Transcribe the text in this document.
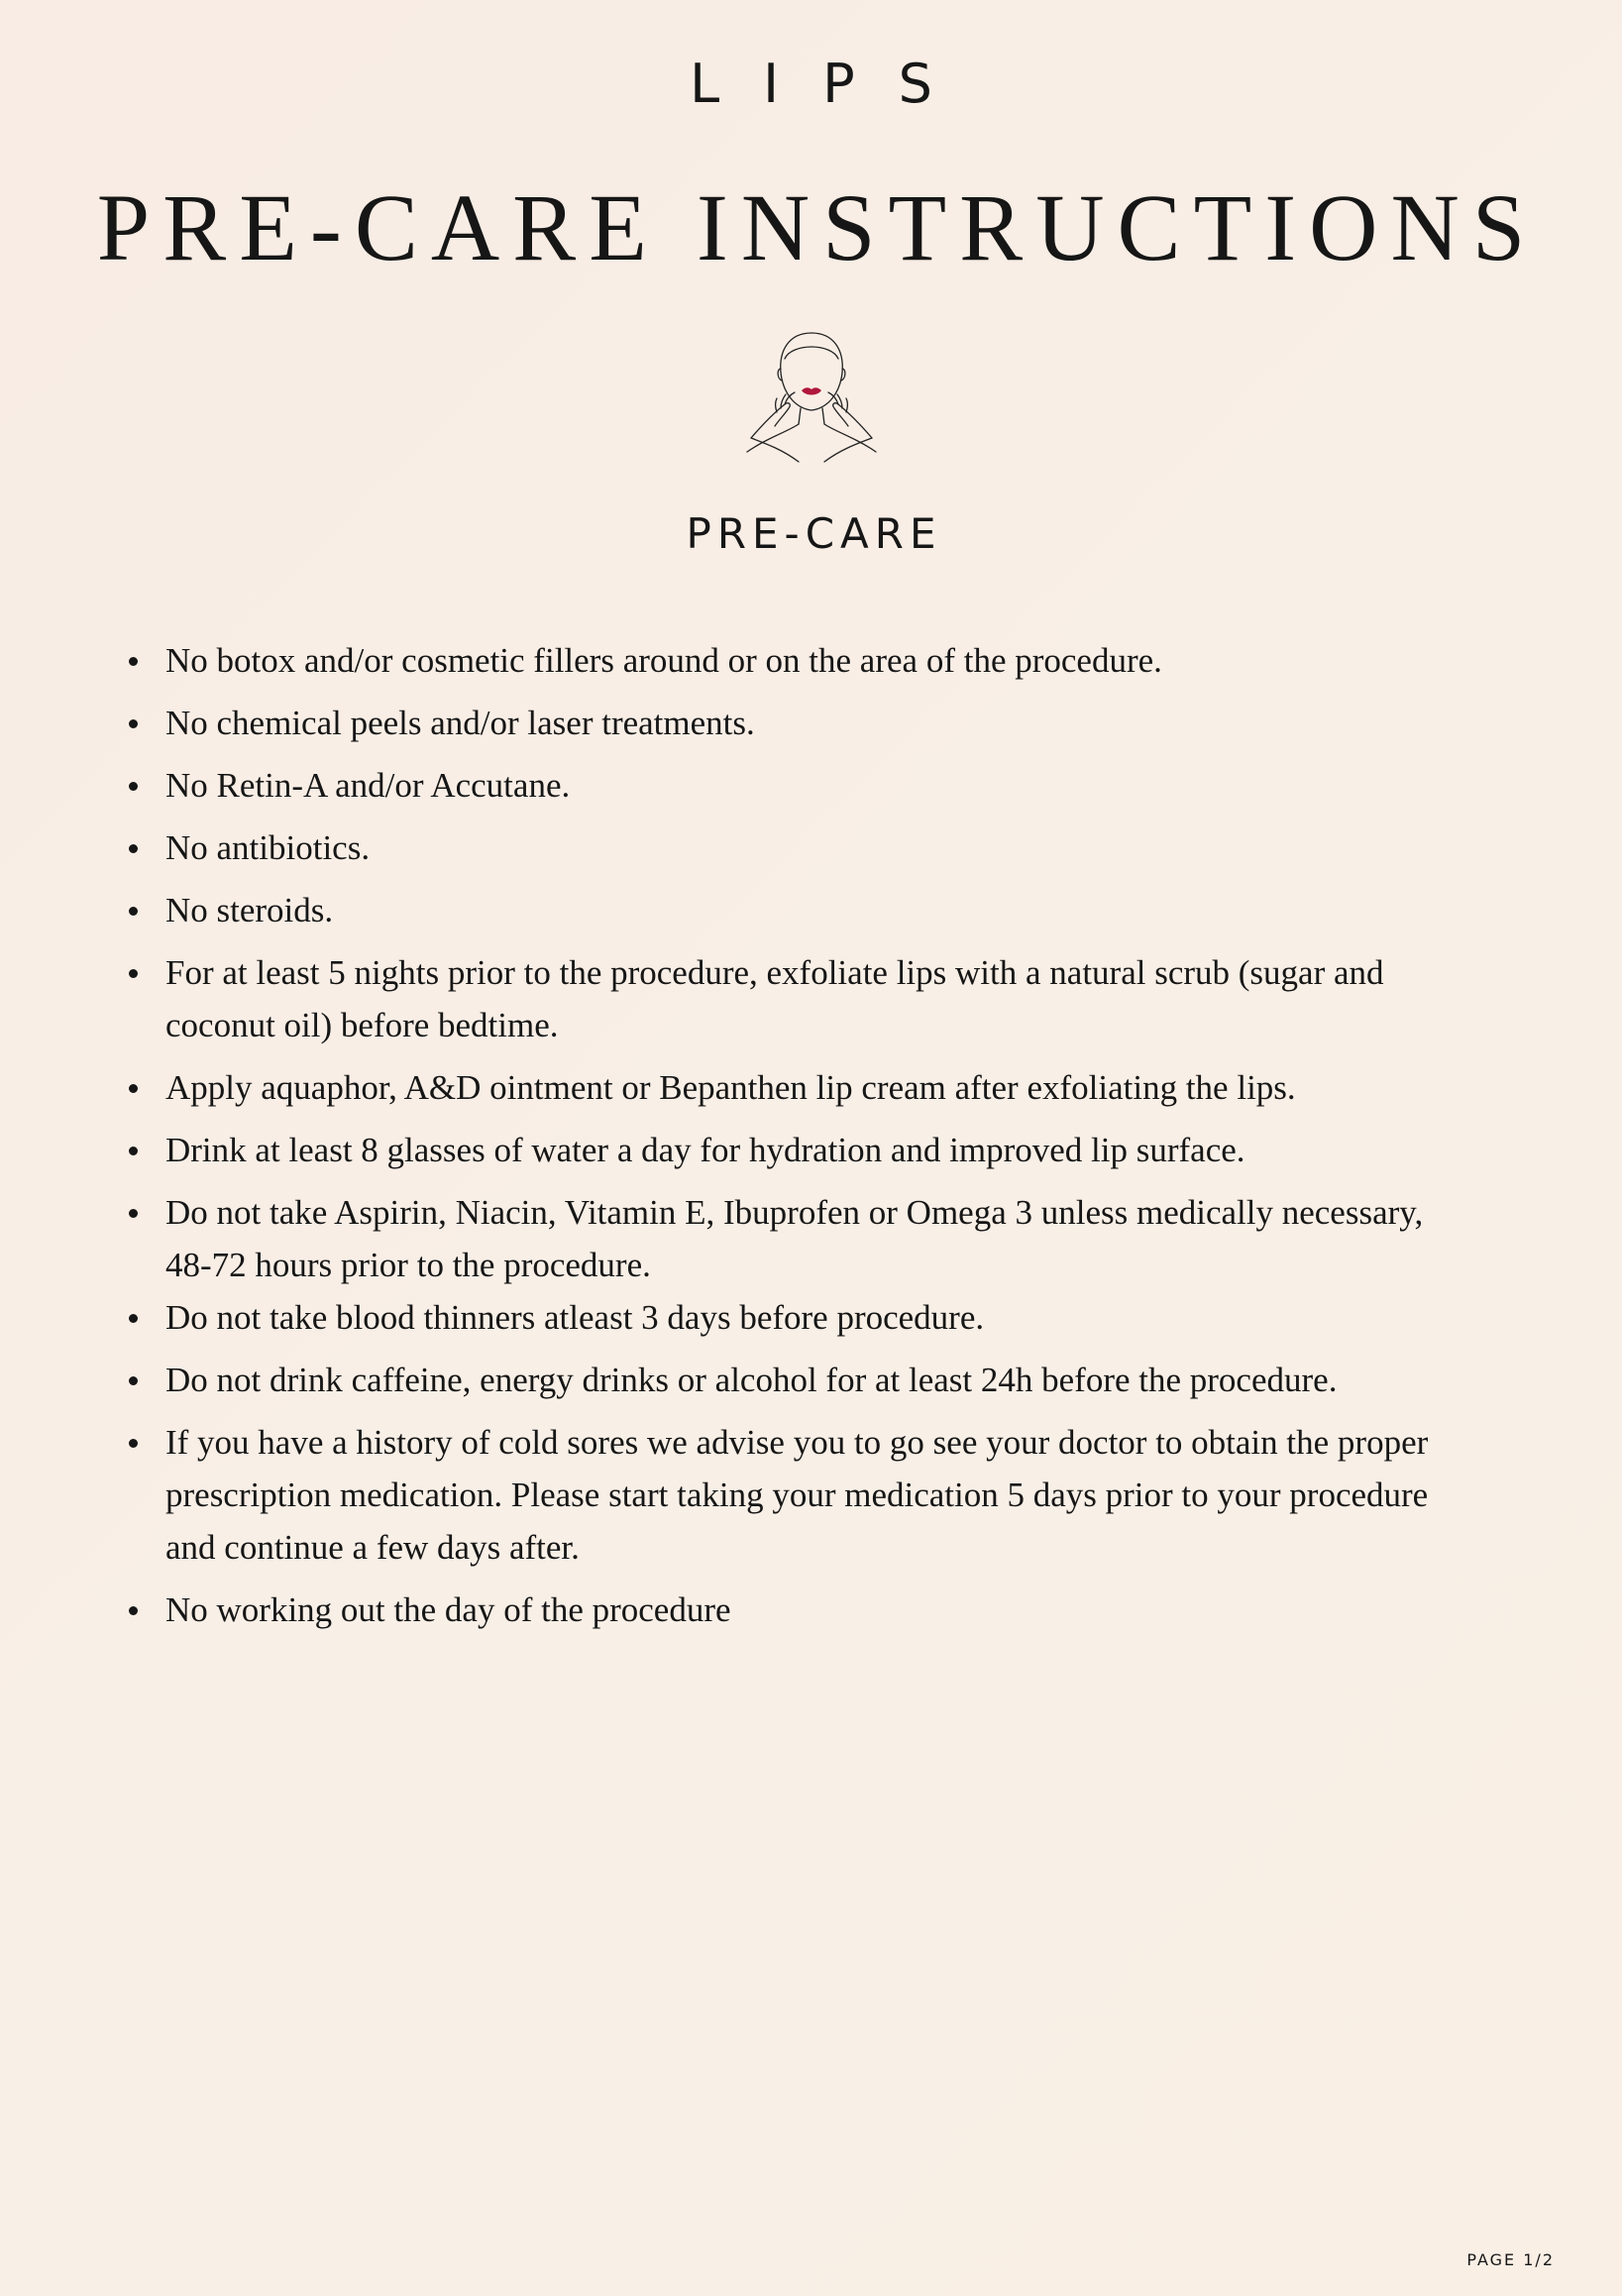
LIPS
PRE-CARE INSTRUCTIONS
PRE-CARE
No botox and/or cosmetic fillers around or on the area of the procedure.
No chemical peels and/or laser treatments.
No Retin-A and/or Accutane.
No antibiotics.
No steroids.
For at least 5 nights prior to the procedure, exfoliate lips with a natural scrub (sugar and coconut oil) before bedtime.
Apply aquaphor, A&D ointment or Bepanthen lip cream after exfoliating the lips.
Drink at least 8 glasses of water a day for hydration and improved lip surface.
Do not take Aspirin, Niacin, Vitamin E, Ibuprofen or Omega 3 unless medically necessary, 48-72 hours prior to the procedure.
Do not take blood thinners atleast 3 days before procedure.
Do not drink caffeine, energy drinks or alcohol for at least 24h before the procedure.
If you have a history of cold sores we advise you to go see your doctor to obtain the proper prescription medication. Please start taking your medication 5 days prior to your procedure and continue a few days after.
No working out the day of the procedure
PAGE 1/2
